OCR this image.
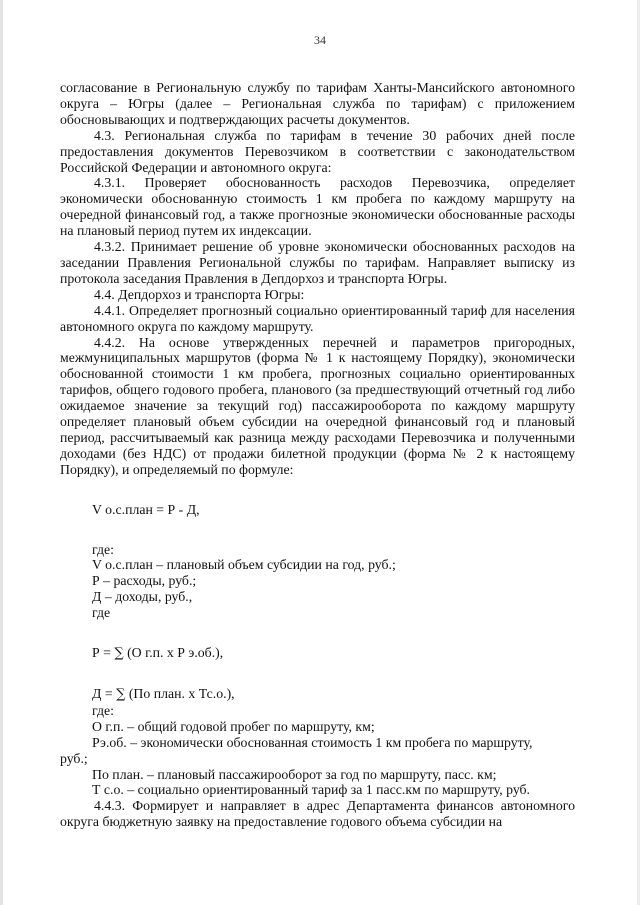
34

согласование в Региональную службу по тарифам Ханты-Мансийского автономного округа – Югры (далее – Региональная служба по тарифам) с приложением обосновывающих и подтверждающих расчеты документов.

4.3. Региональная служба по тарифам в течение 30 рабочих дней после предоставления документов Перевозчиком в соответствии с законодательством Российской Федерации и автономного округа:

4.3.1. Проверяет обоснованность расходов Перевозчика, определяет экономически обоснованную стоимость 1 км пробега по каждому маршруту на очередной финансовый год, а также прогнозные экономически обоснованные расходы на плановый период путем их индексации.

4.3.2. Принимает решение об уровне экономически обоснованных расходов на заседании Правления Региональной службы по тарифам. Направляет выписку из протокола заседания Правления в Депдорхоз и транспорта Югры.

4.4. Депдорхоз и транспорта Югры:

4.4.1. Определяет прогнозный социально ориентированный тариф для населения автономного округа по каждому маршруту.

4.4.2. На основе утвержденных перечней и параметров пригородных, межмуниципальных маршрутов (форма № 1 к настоящему Порядку), экономически обоснованной стоимости 1 км пробега, прогнозных социально ориентированных тарифов, общего годового пробега, планового (за предшествующий отчетный год либо ожидаемое значение за текущий год) пассажирооборота по каждому маршруту определяет плановый объем субсидии на очередной финансовый год и плановый период, рассчитываемый как разница между расходами Перевозчика и полученными доходами (без НДС) от продажи билетной продукции (форма № 2 к настоящему Порядку), и определяемый по формуле:

V о.с.план = Р - Д,

где:

V о.с.план – плановый объем субсидии на год, руб.;

Р – расходы, руб.;

Д – доходы, руб.,

где

Р = ∑ (О г.п. х Р э.об.),

Д = ∑ (По план. х Тс.о.),

где:

О г.п. – общий годовой пробег по маршруту, км;

Рэ.об. – экономически обоснованная стоимость 1 км пробега по маршруту,

руб.;

По план. – плановый пассажирооборот за год по маршруту, пасс. км;

Т с.о. – социально ориентированный тариф за 1 пасс.км по маршруту, руб.

4.4.3. Формирует и направляет в адрес Департамента финансов автономного округа бюджетную заявку на предоставление годового объема субсидии на
